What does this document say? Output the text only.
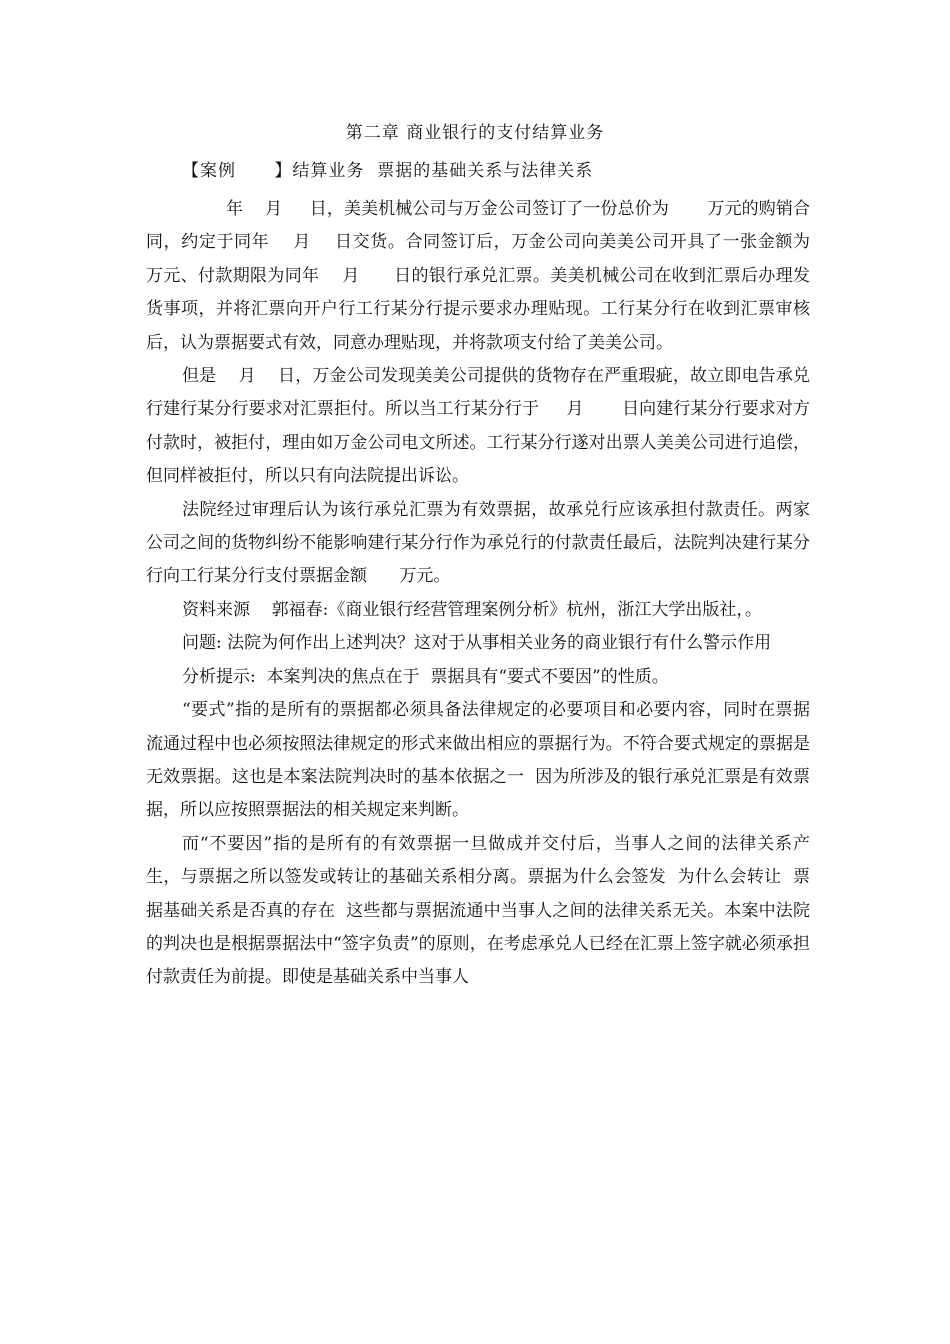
第二章 商业银行的支付结算业务
【案例      】结算业务  票据的基础关系与法律关系

年    月     日，美美机械公司与万金公司签订了一份总价为       万元的购销合同，约定于同年    月    日交货。合同签订后，万金公司向美美公司开具了一张金额为       万元、付款期限为同年    月      日的银行承兑汇票。美美机械公司在收到汇票后办理发货事项，并将汇票向开户行工行某分行提示要求办理贴现。工行某分行在收到汇票审核后，认为票据要式有效，同意办理贴现，并将款项支付给了美美公司。

但是    月    日，万金公司发现美美公司提供的货物存在严重瑕疵，故立即电告承兑行建行某分行要求对汇票拒付。所以当工行某分行于     月       日向建行某分行要求对方付款时，被拒付，理由如万金公司电文所述。工行某分行遂对出票人美美公司进行追偿，但同样被拒付，所以只有向法院提出诉讼。

法院经过审理后认为该行承兑汇票为有效票据，故承兑行应该承担付款责任。两家公司之间的货物纠纷不能影响建行某分行作为承兑行的付款责任最后，法院判决建行某分行向工行某分行支付票据金额      万元。

资料来源    郭福春:《商业银行经营管理案例分析》杭州，浙江大学出版社，。

问题: 法院为何作出上述判决？这对于从事相关业务的商业银行有什么警示作用

分析提示:  本案判决的焦点在于  票据具有“要式不要因”的性质。

“要式”指的是所有的票据都必须具备法律规定的必要项目和必要内容，同时在票据流通过程中也必须按照法律规定的形式来做出相应的票据行为。不符合要式规定的票据是无效票据。这也是本案法院判决时的基本依据之一  因为所涉及的银行承兑汇票是有效票据，所以应按照票据法的相关规定来判断。

而“不要因”指的是所有的有效票据一旦做成并交付后，当事人之间的法律关系产生，与票据之所以签发或转让的基础关系相分离。票据为什么会签发  为什么会转让  票据基础关系是否真的存在  这些都与票据流通中当事人之间的法律关系无关。本案中法院的判决也是根据票据法中“签字负责”的原则，在考虑承兑人已经在汇票上签字就必须承担付款责任为前提。即使是基础关系中当事人
